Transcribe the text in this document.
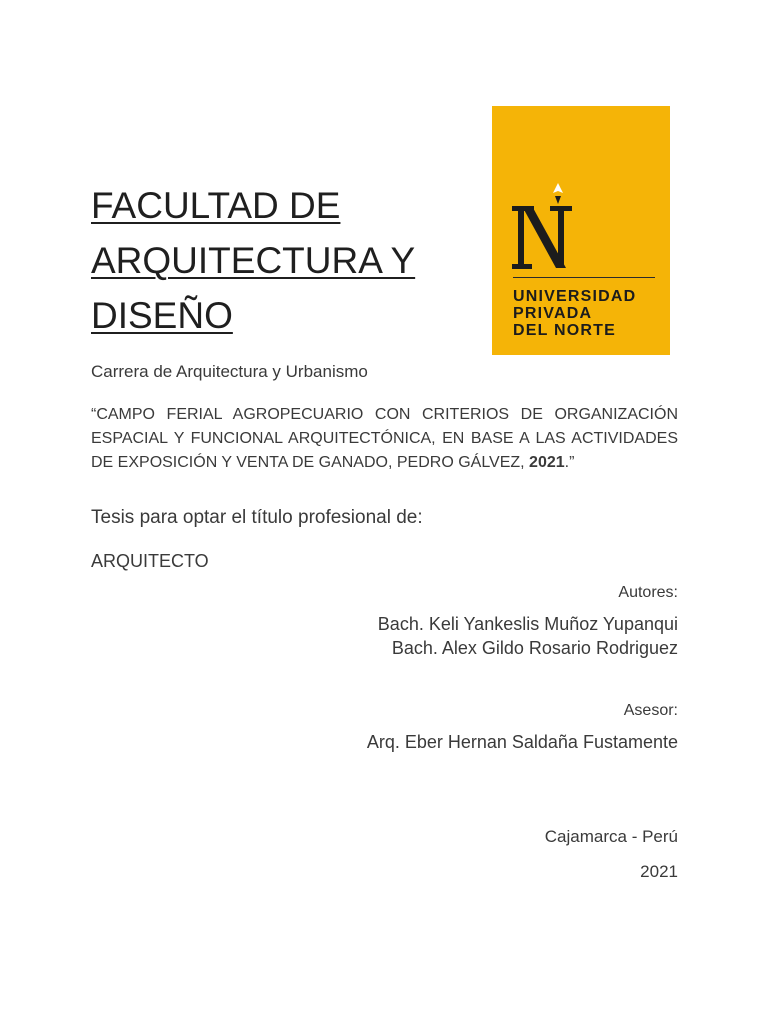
FACULTAD DE
ARQUITECTURA Y
DISEÑO	UNIVERSIDAD
PRIVADA
DEL NORTE
Carrera de Arquitectura y Urbanismo
“CAMPO FERIAL AGROPECUARIO CON CRITERIOS DE ORGANIZACIÓN ESPACIAL Y FUNCIONAL ARQUITECTÓNICA, EN BASE A LAS ACTIVIDADES DE EXPOSICIÓN Y VENTA DE GANADO, PEDRO GÁLVEZ, 2021.”
Tesis para optar el título profesional de:
ARQUITECTO
Autores:
Bach. Keli Yankeslis Muñoz Yupanqui
Bach. Alex Gildo Rosario Rodriguez
Asesor:
Arq. Eber Hernan Saldaña Fustamente
Cajamarca - Perú
2021
